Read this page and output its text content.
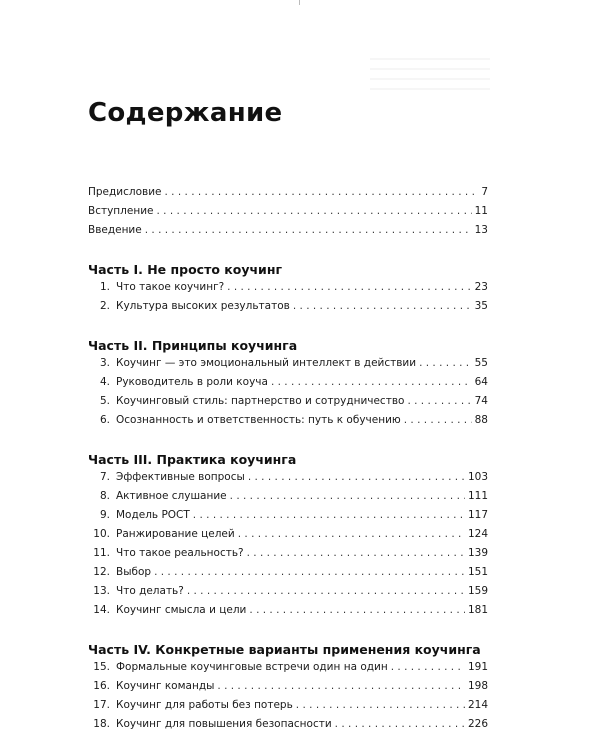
Содержание
Предисловие . . .	7
Вступление . . .	11
Введение . . .	13
Часть I. Не просто коучинг
1. Что такое коучинг? . . .	23
2. Культура высоких результатов . . .	35
Часть II. Принципы коучинга
3. Коучинг — это эмоциональный интеллект в действии . . .	55
4. Руководитель в роли коуча . . .	64
5. Коучинговый стиль: партнерство и сотрудничество . . .	74
6. Осознанность и ответственность: путь к обучению . . .	88
Часть III. Практика коучинга
7. Эффективные вопросы . . .	103
8. Активное слушание . . .	111
9. Модель РОСТ . . .	117
10. Ранжирование целей . . .	124
11. Что такое реальность? . . .	139
12. Выбор . . .	151
13. Что делать? . . .	159
14. Коучинг смысла и цели . . .	181
Часть IV. Конкретные варианты применения коучинга
15. Формальные коучинговые встречи один на один . . .	191
16. Коучинг команды . . .	198
17. Коучинг для работы без потерь . . .	214
18. Коучинг для повышения безопасности . . .	226
